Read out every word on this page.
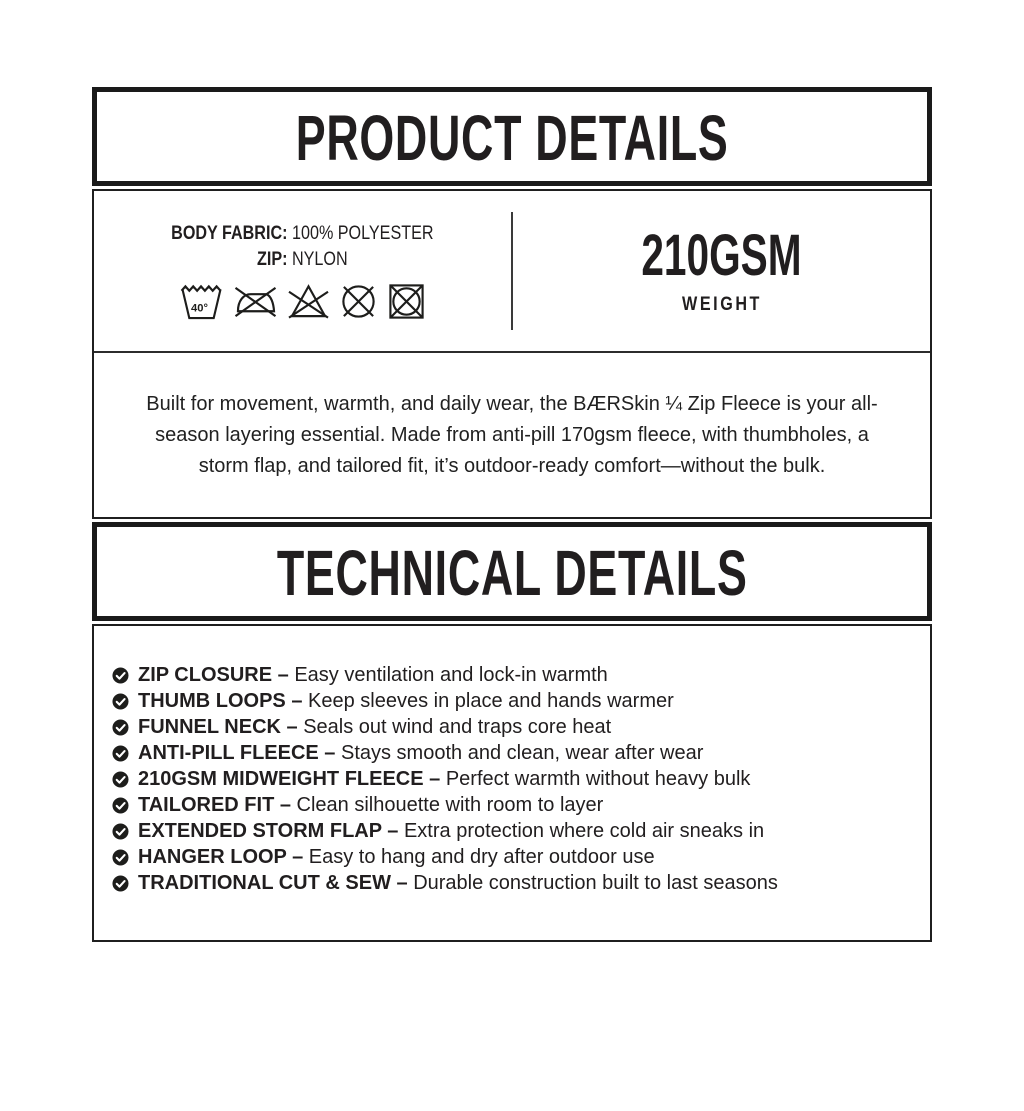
PRODUCT DETAILS
BODY FABRIC: 100% POLYESTER
ZIP: NYLON
40°
210GSM
WEIGHT
Built for movement, warmth, and daily wear, the BÆRSkin ¼ Zip Fleece is your all-
season layering essential. Made from anti-pill 170gsm fleece, with thumbholes, a
storm flap, and tailored fit, it’s outdoor-ready comfort—without the bulk.
TECHNICAL DETAILS
ZIP CLOSURE – Easy ventilation and lock-in warmth
THUMB LOOPS – Keep sleeves in place and hands warmer
FUNNEL NECK – Seals out wind and traps core heat
ANTI-PILL FLEECE – Stays smooth and clean, wear after wear
210GSM MIDWEIGHT FLEECE – Perfect warmth without heavy bulk
TAILORED FIT – Clean silhouette with room to layer
EXTENDED STORM FLAP – Extra protection where cold air sneaks in
HANGER LOOP – Easy to hang and dry after outdoor use
TRADITIONAL CUT & SEW – Durable construction built to last seasons
